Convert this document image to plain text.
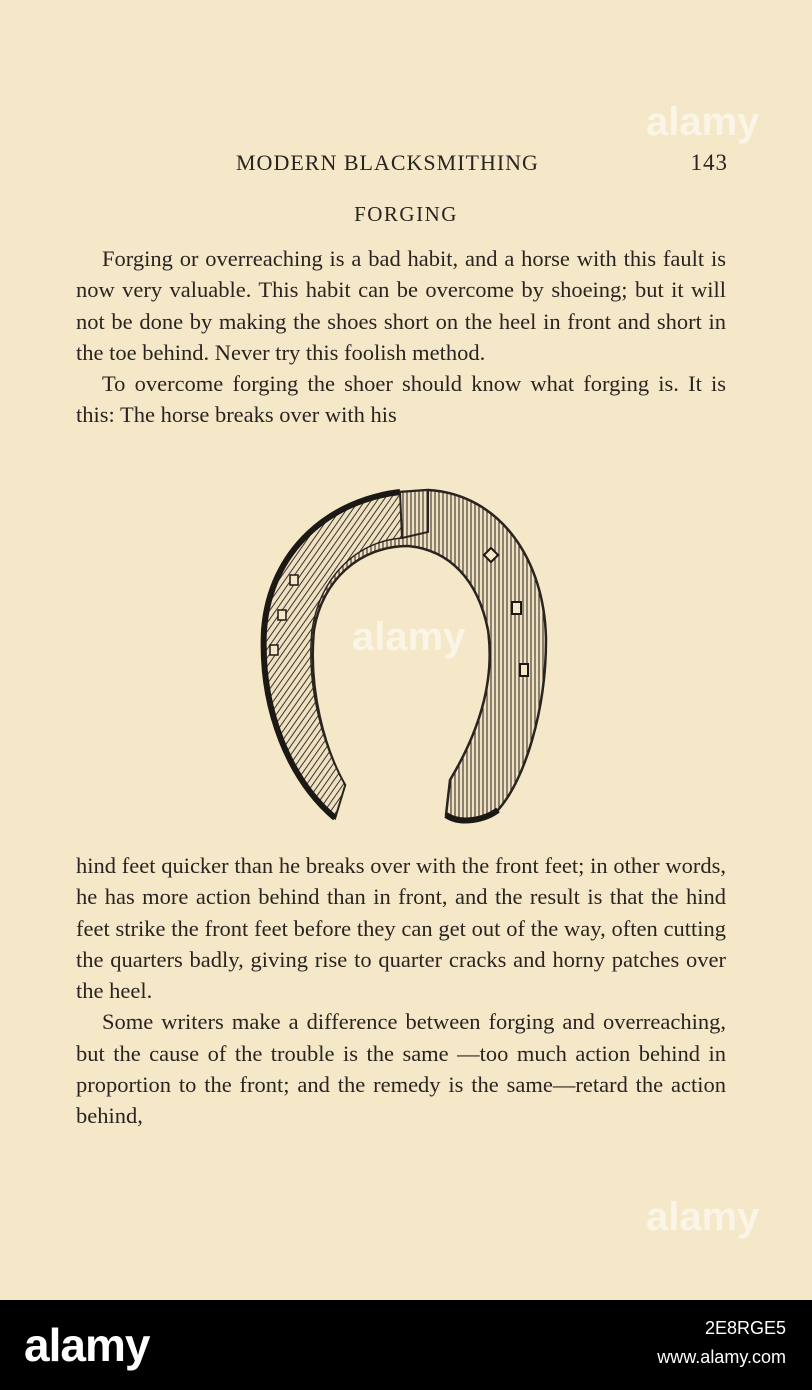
MODERN BLACKSMITHING	143
FORGING

Forging or overreaching is a bad habit, and a horse with this fault is now very valuable. This habit can be overcome by shoeing; but it will not be done by making the shoes short on the heel in front and short in the toe behind. Never try this foolish method.

To overcome forging the shoer should know what forging is. It is this: The horse breaks over with his

hind feet quicker than he breaks over with the front feet; in other words, he has more action behind than in front, and the result is that the hind feet strike the front feet before they can get out of the way, often cutting the quarters badly, giving rise to quarter cracks and horny patches over the heel.

Some writers make a difference between forging and overreaching, but the cause of the trouble is the same —too much action behind in proportion to the front; and the remedy is the same—retard the action behind,

alamy
alamy
alamy
alamy	2E8RGE5
www.alamy.com
